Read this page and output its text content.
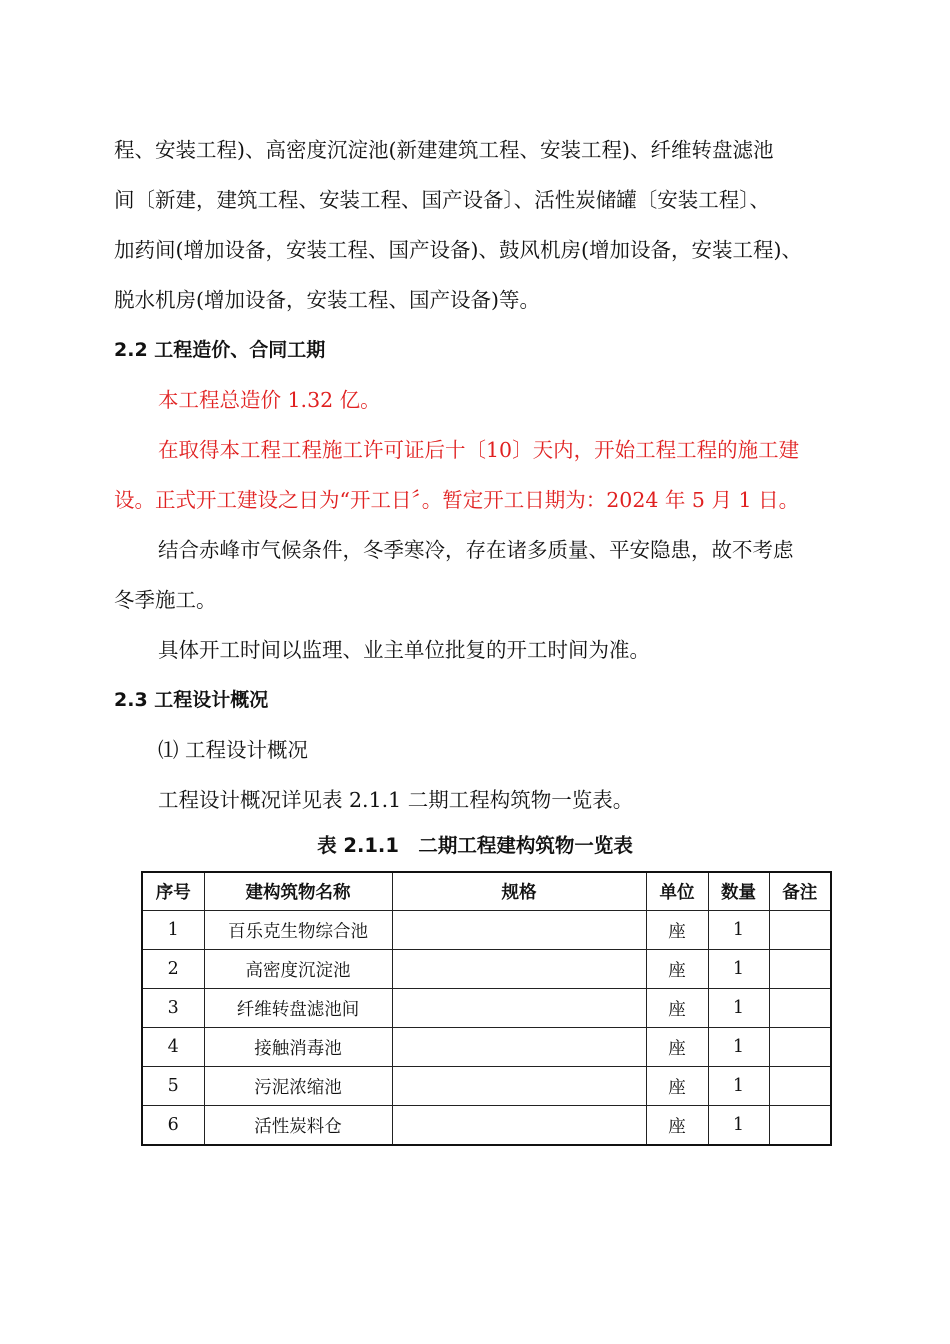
程、安装工程)、高密度沉淀池(新建建筑工程、安装工程)、纤维转盘滤池
间〔新建，建筑工程、安装工程、国产设备〕、活性炭储罐〔安装工程〕、
加药间(增加设备，安装工程、国产设备)、鼓风机房(增加设备，安装工程)、
脱水机房(增加设备，安装工程、国产设备)等。
2.2 工程造价、合同工期
本工程总造价 1.32 亿。
在取得本工程工程施工许可证后十〔10〕天内，开始工程工程的施工建
设。正式开工建设之日为“开工日〞。暂定开工日期为：2024 年 5 月 1 日。
结合赤峰市气候条件，冬季寒冷，存在诸多质量、平安隐患，故不考虑
冬季施工。
具体开工时间以监理、业主单位批复的开工时间为准。
2.3 工程设计概况
⑴ 工程设计概况
工程设计概况详见表 2.1.1 二期工程构筑物一览表。
表 2.1.1　二期工程建构筑物一览表
序号	建构筑物名称	规格	单位	数量	备注
1	百乐克生物综合池		座	1	
2	高密度沉淀池		座	1	
3	纤维转盘滤池间		座	1	
4	接触消毒池		座	1	
5	污泥浓缩池		座	1	
6	活性炭料仓		座	1	
